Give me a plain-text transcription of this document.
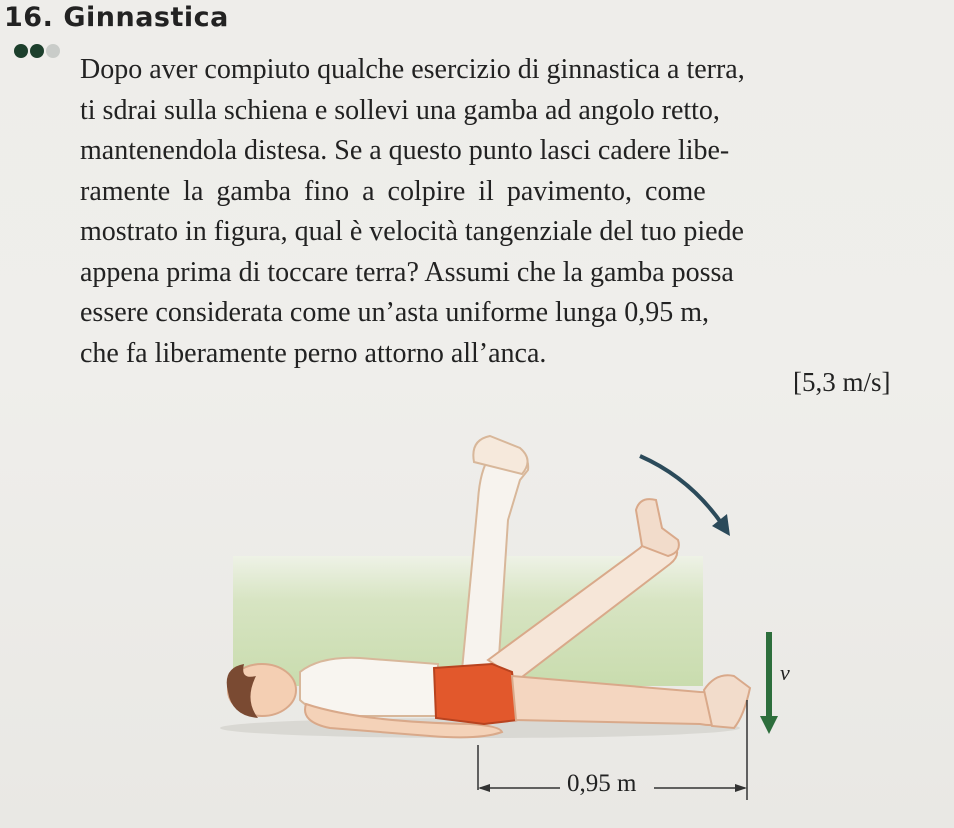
16. Ginnastica
Dopo aver compiuto qualche esercizio di ginnastica a terra,
ti sdrai sulla schiena e sollevi una gamba ad angolo retto,
mantenendola distesa. Se a questo punto lasci cadere libe-
ramente la gamba fino a colpire il pavimento, come
mostrato in figura, qual è velocità tangenziale del tuo piede
appena prima di toccare terra? Assumi che la gamba possa
essere considerata come un’asta uniforme lunga 0,95 m,
che fa liberamente perno attorno all’anca.
[5,3 m/s]
0,95 m
v
